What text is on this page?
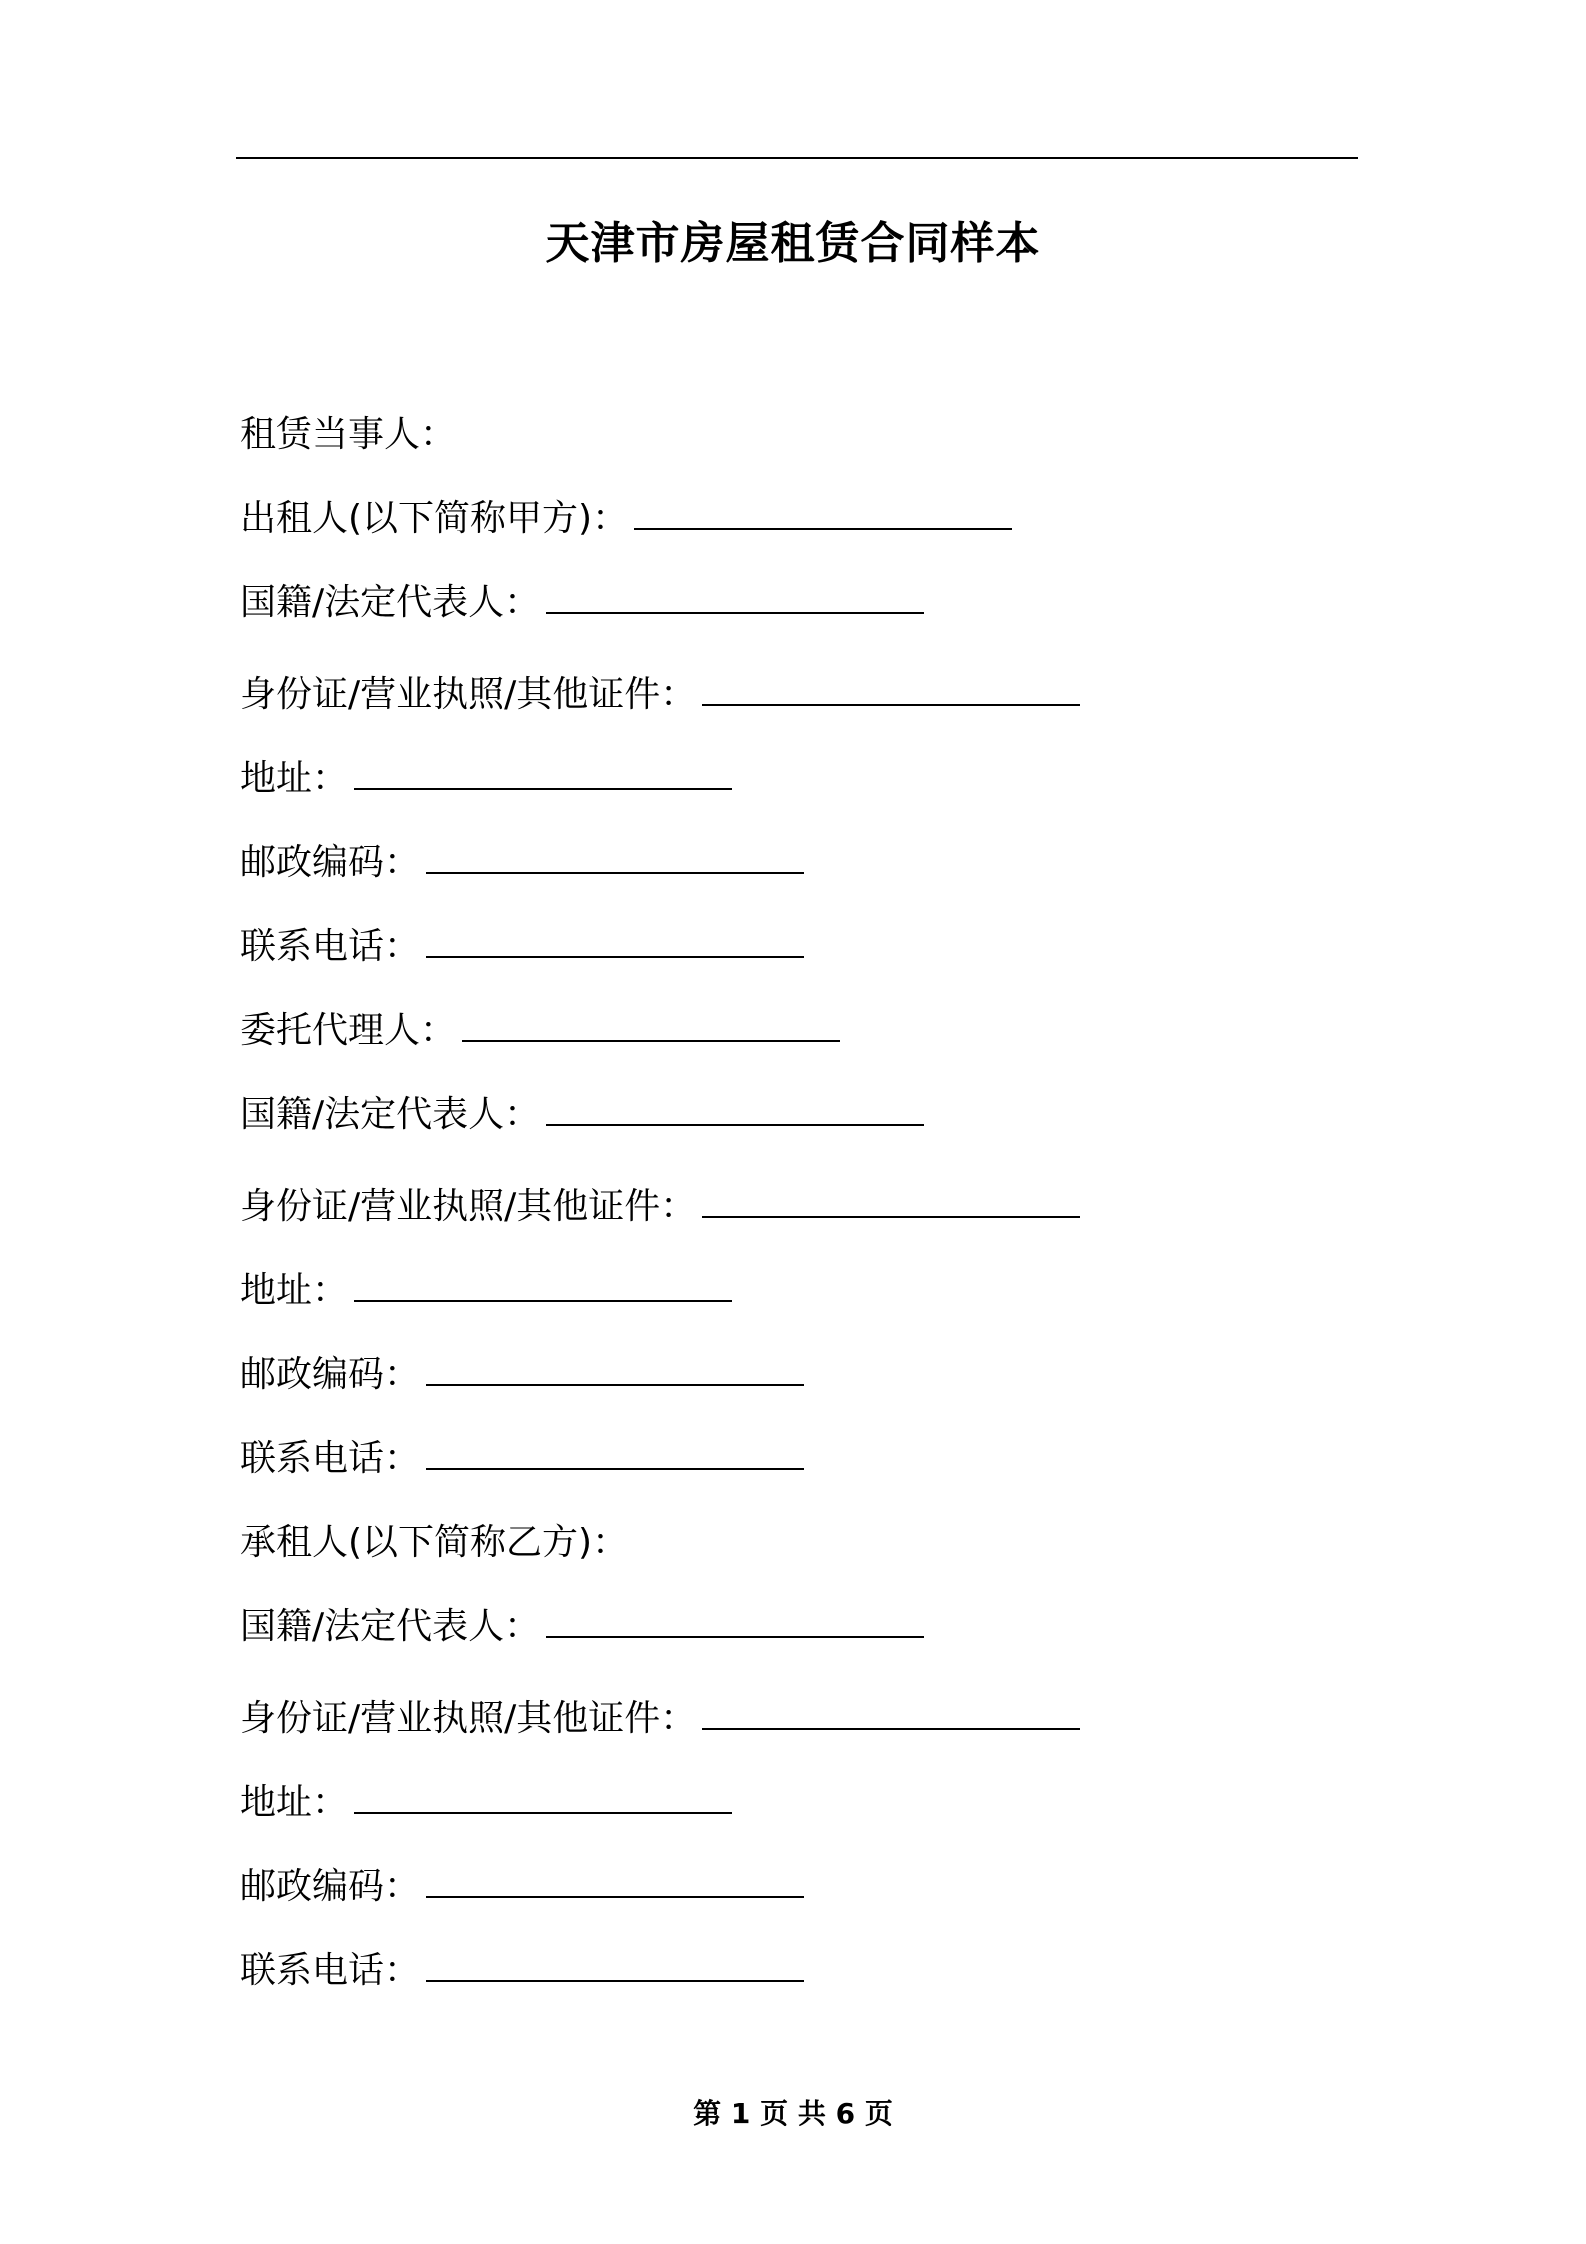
天津市房屋租赁合同样本
租赁当事人：
出租人(以下简称甲方)：
国籍/法定代表人：
身份证/营业执照/其他证件：
地址：
邮政编码：
联系电话：
委托代理人：
国籍/法定代表人：
身份证/营业执照/其他证件：
地址：
邮政编码：
联系电话：
承租人(以下简称乙方)：
国籍/法定代表人：
身份证/营业执照/其他证件：
地址：
邮政编码：
联系电话：
第 1 页 共 6 页
